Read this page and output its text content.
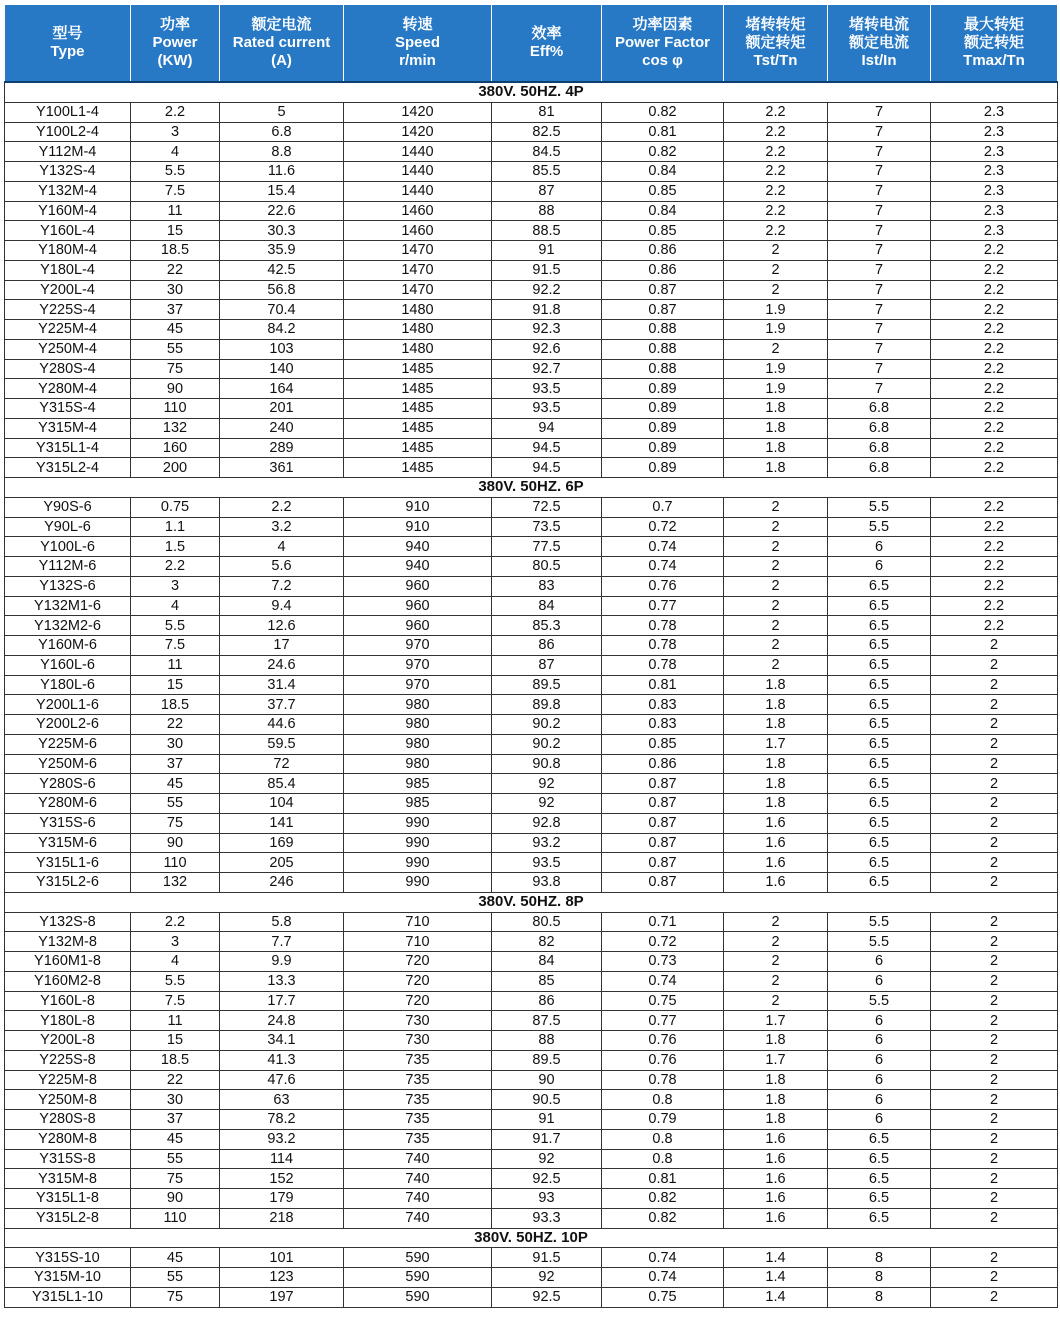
型号
Type	功率
Power
(KW)	额定电流
Rated current
(A)	转速
Speed
r/min	效率
Eff%	功率因素
Power Factor
cos φ	堵转转矩
额定转矩
Tst/Tn	堵转电流
额定电流
Ist/In	最大转矩
额定转矩
Tmax/Tn

380V. 50HZ. 4P								
Y100L1-4	2.2	5	1420	81	0.82	2.2	7	2.3
Y100L2-4	3	6.8	1420	82.5	0.81	2.2	7	2.3
Y112M-4	4	8.8	1440	84.5	0.82	2.2	7	2.3
Y132S-4	5.5	11.6	1440	85.5	0.84	2.2	7	2.3
Y132M-4	7.5	15.4	1440	87	0.85	2.2	7	2.3
Y160M-4	11	22.6	1460	88	0.84	2.2	7	2.3
Y160L-4	15	30.3	1460	88.5	0.85	2.2	7	2.3
Y180M-4	18.5	35.9	1470	91	0.86	2	7	2.2
Y180L-4	22	42.5	1470	91.5	0.86	2	7	2.2
Y200L-4	30	56.8	1470	92.2	0.87	2	7	2.2
Y225S-4	37	70.4	1480	91.8	0.87	1.9	7	2.2
Y225M-4	45	84.2	1480	92.3	0.88	1.9	7	2.2
Y250M-4	55	103	1480	92.6	0.88	2	7	2.2
Y280S-4	75	140	1485	92.7	0.88	1.9	7	2.2
Y280M-4	90	164	1485	93.5	0.89	1.9	7	2.2
Y315S-4	110	201	1485	93.5	0.89	1.8	6.8	2.2
Y315M-4	132	240	1485	94	0.89	1.8	6.8	2.2
Y315L1-4	160	289	1485	94.5	0.89	1.8	6.8	2.2
Y315L2-4	200	361	1485	94.5	0.89	1.8	6.8	2.2
380V. 50HZ. 6P								
Y90S-6	0.75	2.2	910	72.5	0.7	2	5.5	2.2
Y90L-6	1.1	3.2	910	73.5	0.72	2	5.5	2.2
Y100L-6	1.5	4	940	77.5	0.74	2	6	2.2
Y112M-6	2.2	5.6	940	80.5	0.74	2	6	2.2
Y132S-6	3	7.2	960	83	0.76	2	6.5	2.2
Y132M1-6	4	9.4	960	84	0.77	2	6.5	2.2
Y132M2-6	5.5	12.6	960	85.3	0.78	2	6.5	2.2
Y160M-6	7.5	17	970	86	0.78	2	6.5	2
Y160L-6	11	24.6	970	87	0.78	2	6.5	2
Y180L-6	15	31.4	970	89.5	0.81	1.8	6.5	2
Y200L1-6	18.5	37.7	980	89.8	0.83	1.8	6.5	2
Y200L2-6	22	44.6	980	90.2	0.83	1.8	6.5	2
Y225M-6	30	59.5	980	90.2	0.85	1.7	6.5	2
Y250M-6	37	72	980	90.8	0.86	1.8	6.5	2
Y280S-6	45	85.4	985	92	0.87	1.8	6.5	2
Y280M-6	55	104	985	92	0.87	1.8	6.5	2
Y315S-6	75	141	990	92.8	0.87	1.6	6.5	2
Y315M-6	90	169	990	93.2	0.87	1.6	6.5	2
Y315L1-6	110	205	990	93.5	0.87	1.6	6.5	2
Y315L2-6	132	246	990	93.8	0.87	1.6	6.5	2
380V. 50HZ. 8P								
Y132S-8	2.2	5.8	710	80.5	0.71	2	5.5	2
Y132M-8	3	7.7	710	82	0.72	2	5.5	2
Y160M1-8	4	9.9	720	84	0.73	2	6	2
Y160M2-8	5.5	13.3	720	85	0.74	2	6	2
Y160L-8	7.5	17.7	720	86	0.75	2	5.5	2
Y180L-8	11	24.8	730	87.5	0.77	1.7	6	2
Y200L-8	15	34.1	730	88	0.76	1.8	6	2
Y225S-8	18.5	41.3	735	89.5	0.76	1.7	6	2
Y225M-8	22	47.6	735	90	0.78	1.8	6	2
Y250M-8	30	63	735	90.5	0.8	1.8	6	2
Y280S-8	37	78.2	735	91	0.79	1.8	6	2
Y280M-8	45	93.2	735	91.7	0.8	1.6	6.5	2
Y315S-8	55	114	740	92	0.8	1.6	6.5	2
Y315M-8	75	152	740	92.5	0.81	1.6	6.5	2
Y315L1-8	90	179	740	93	0.82	1.6	6.5	2
Y315L2-8	110	218	740	93.3	0.82	1.6	6.5	2
380V. 50HZ. 10P								
Y315S-10	45	101	590	91.5	0.74	1.4	8	2
Y315M-10	55	123	590	92	0.74	1.4	8	2
Y315L1-10	75	197	590	92.5	0.75	1.4	8	2
